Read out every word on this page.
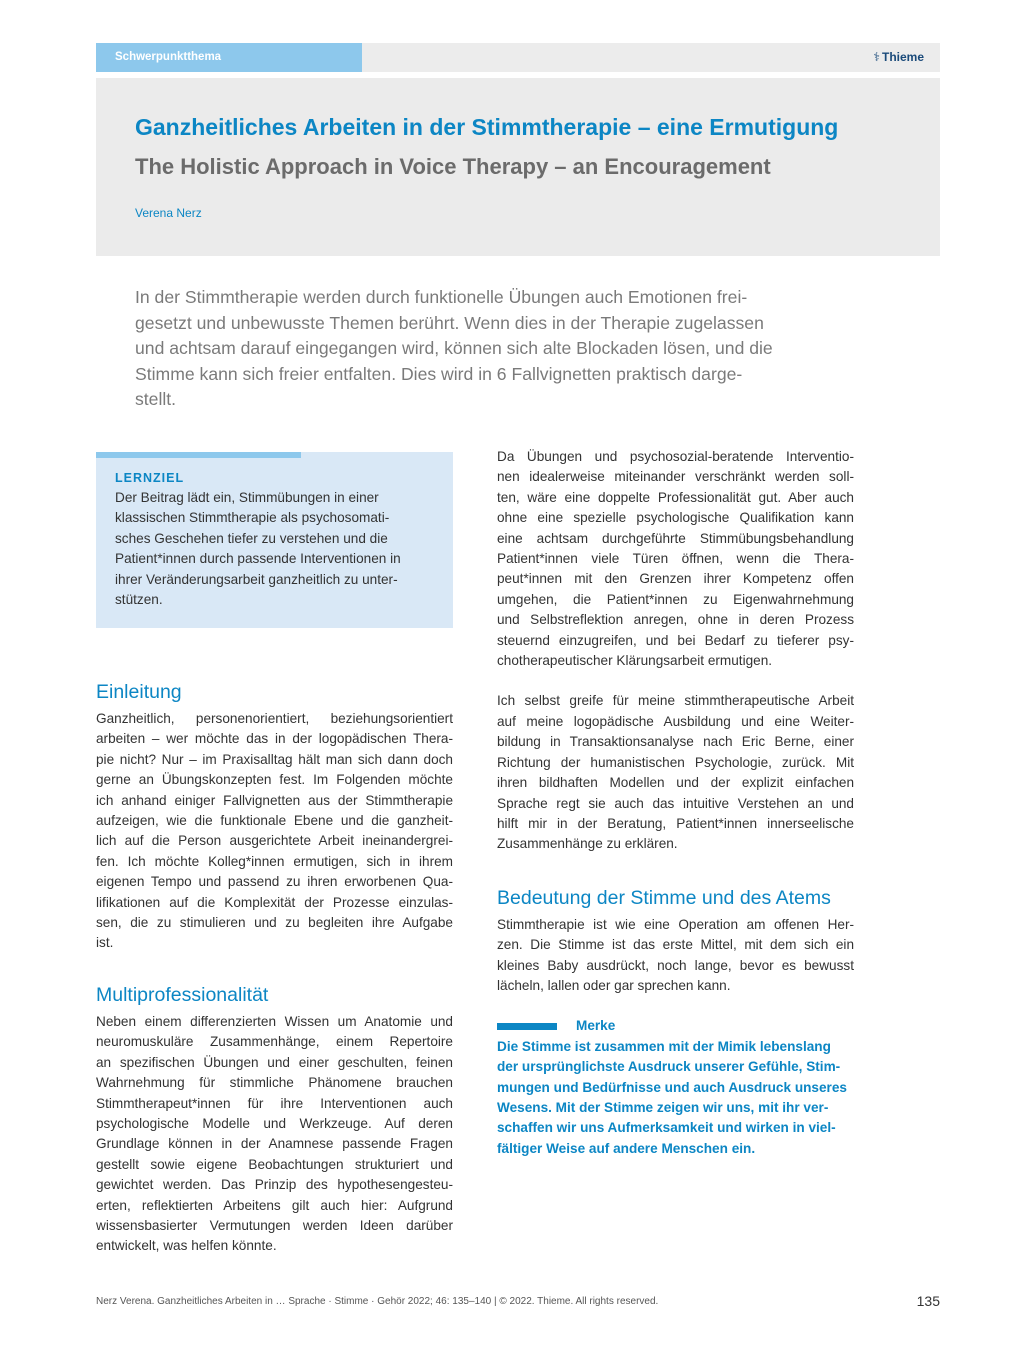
Schwerpunktthema	⚕ Thieme
Ganzheitliches Arbeiten in der Stimmtherapie – eine Ermutigung
The Holistic Approach in Voice Therapy – an Encouragement
Verena Nerz
In der Stimmtherapie werden durch funktionelle Übungen auch Emotionen frei-
gesetzt und unbewusste Themen berührt. Wenn dies in der Therapie zugelassen
und achtsam darauf eingegangen wird, können sich alte Blockaden lösen, und die
Stimme kann sich freier entfalten. Dies wird in 6 Fallvignetten praktisch darge-
stellt.
LERNZIEL
Der Beitrag lädt ein, Stimmübungen in einer
klassischen Stimmtherapie als psychosomati-
sches Geschehen tiefer zu verstehen und die
Patient*innen durch passende Interventionen in
ihrer Veränderungsarbeit ganzheitlich zu unter-
stützen.
Einleitung
Ganzheitlich, personenorientiert, beziehungsorientiert
arbeiten – wer möchte das in der logopädischen Thera-
pie nicht? Nur – im Praxisalltag hält man sich dann doch
gerne an Übungskonzepten fest. Im Folgenden möchte
ich anhand einiger Fallvignetten aus der Stimmtherapie
aufzeigen, wie die funktionale Ebene und die ganzheit-
lich auf die Person ausgerichtete Arbeit ineinandergrei-
fen. Ich möchte Kolleg*innen ermutigen, sich in ihrem
eigenen Tempo und passend zu ihren erworbenen Qua-
lifikationen auf die Komplexität der Prozesse einzulas-
sen, die zu stimulieren und zu begleiten ihre Aufgabe
ist.
Multiprofessionalität
Neben einem differenzierten Wissen um Anatomie und
neuromuskuläre Zusammenhänge, einem Repertoire
an spezifischen Übungen und einer geschulten, feinen
Wahrnehmung für stimmliche Phänomene brauchen
Stimmtherapeut*innen für ihre Interventionen auch
psychologische Modelle und Werkzeuge. Auf deren
Grundlage können in der Anamnese passende Fragen
gestellt sowie eigene Beobachtungen strukturiert und
gewichtet werden. Das Prinzip des hypothesengesteu-
erten, reflektierten Arbeitens gilt auch hier: Aufgrund
wissensbasierter Vermutungen werden Ideen darüber
entwickelt, was helfen könnte.
Da Übungen und psychosozial-beratende Interventio-
nen idealerweise miteinander verschränkt werden soll-
ten, wäre eine doppelte Professionalität gut. Aber auch
ohne eine spezielle psychologische Qualifikation kann
eine achtsam durchgeführte Stimmübungsbehandlung
Patient*innen viele Türen öffnen, wenn die Thera-
peut*innen mit den Grenzen ihrer Kompetenz offen
umgehen, die Patient*innen zu Eigenwahrnehmung
und Selbstreflektion anregen, ohne in deren Prozess
steuernd einzugreifen, und bei Bedarf zu tieferer psy-
chotherapeutischer Klärungsarbeit ermutigen.
Ich selbst greife für meine stimmtherapeutische Arbeit
auf meine logopädische Ausbildung und eine Weiter-
bildung in Transaktionsanalyse nach Eric Berne, einer
Richtung der humanistischen Psychologie, zurück. Mit
ihren bildhaften Modellen und der explizit einfachen
Sprache regt sie auch das intuitive Verstehen an und
hilft mir in der Beratung, Patient*innen innerseelische
Zusammenhänge zu erklären.
Bedeutung der Stimme und des Atems
Stimmtherapie ist wie eine Operation am offenen Her-
zen. Die Stimme ist das erste Mittel, mit dem sich ein
kleines Baby ausdrückt, noch lange, bevor es bewusst
lächeln, lallen oder gar sprechen kann.
Merke
Die Stimme ist zusammen mit der Mimik lebenslang
der ursprünglichste Ausdruck unserer Gefühle, Stim-
mungen und Bedürfnisse und auch Ausdruck unseres
Wesens. Mit der Stimme zeigen wir uns, mit ihr ver-
schaffen wir uns Aufmerksamkeit und wirken in viel-
fältiger Weise auf andere Menschen ein.
Nerz Verena. Ganzheitliches Arbeiten in … Sprache · Stimme · Gehör 2022; 46: 135–140 | © 2022. Thieme. All rights reserved.	135
